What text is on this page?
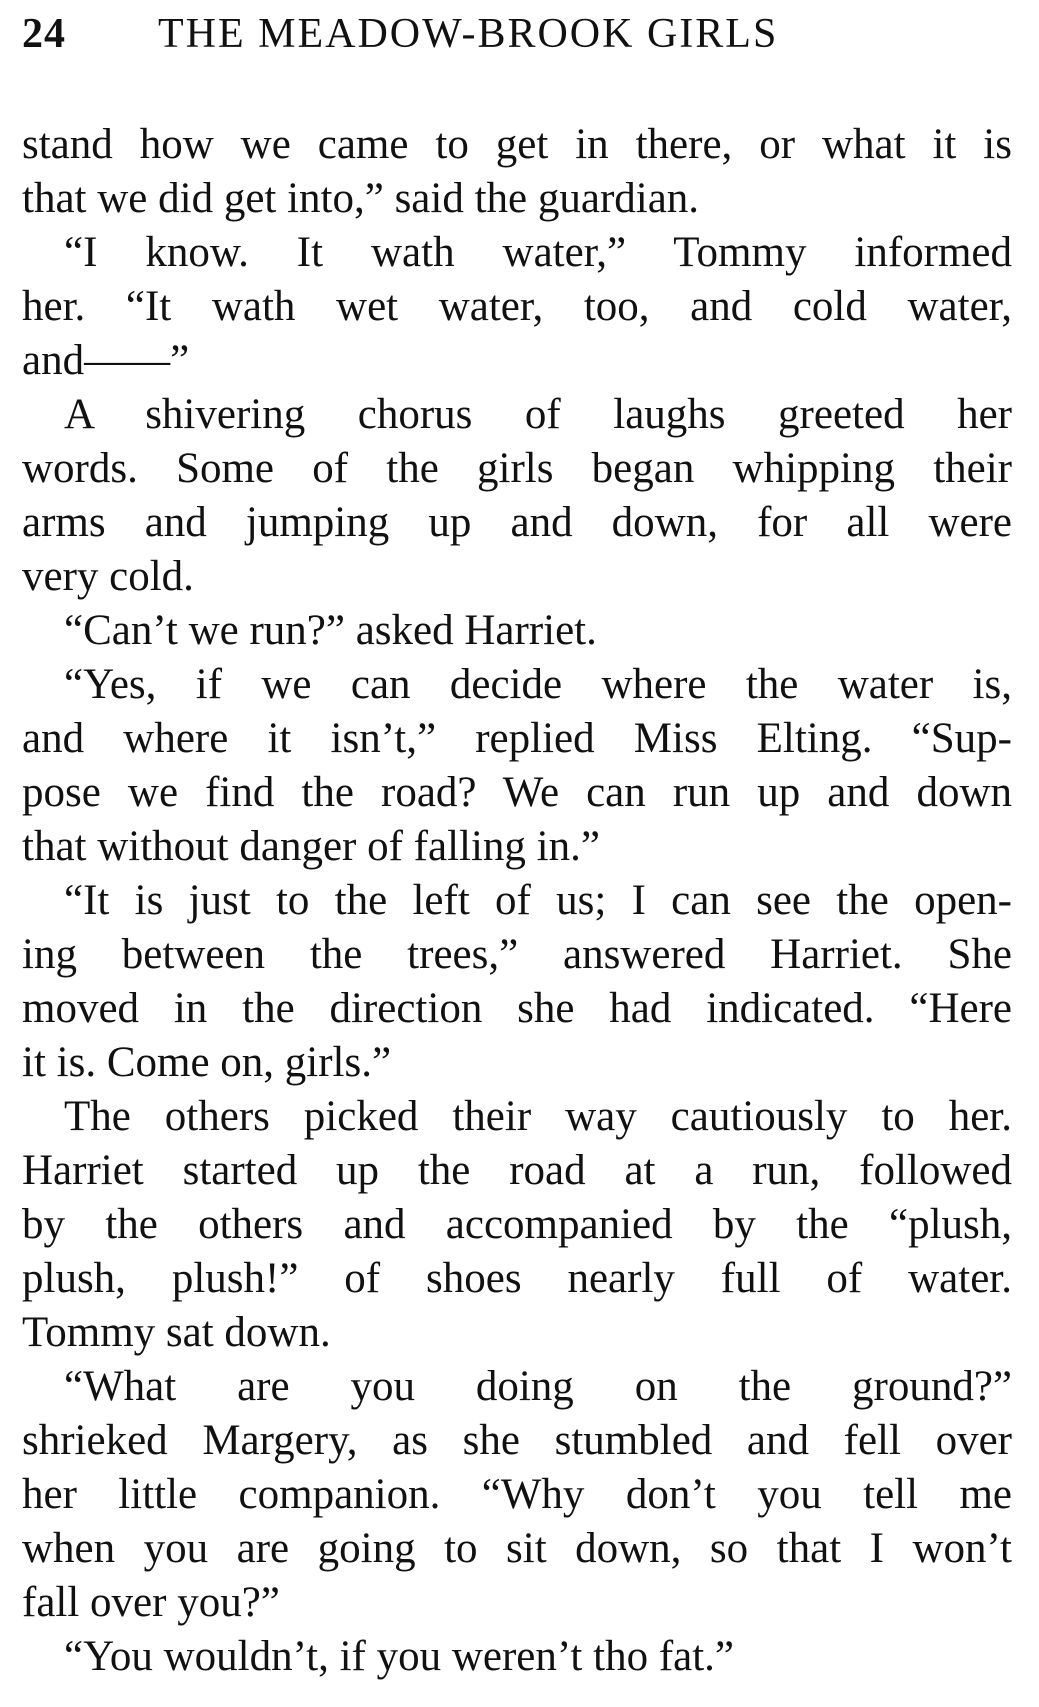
24 THE MEADOW-BROOK GIRLS
stand how we came to get in there, or what it is
that we did get into,” said the guardian.
“I know. It wath water,” Tommy informed
her. “It wath wet water, too, and cold water,
and——”
A shivering chorus of laughs greeted her
words. Some of the girls began whipping their
arms and jumping up and down, for all were
very cold.
“Can’t we run?” asked Harriet.
“Yes, if we can decide where the water is,
and where it isn’t,” replied Miss Elting. “Sup-
pose we find the road? We can run up and down
that without danger of falling in.”
“It is just to the left of us; I can see the open-
ing between the trees,” answered Harriet. She
moved in the direction she had indicated. “Here
it is. Come on, girls.”
The others picked their way cautiously to her.
Harriet started up the road at a run, followed
by the others and accompanied by the “plush,
plush, plush!” of shoes nearly full of water.
Tommy sat down.
“What are you doing on the ground?”
shrieked Margery, as she stumbled and fell over
her little companion. “Why don’t you tell me
when you are going to sit down, so that I won’t
fall over you?”
“You wouldn’t, if you weren’t tho fat.”
